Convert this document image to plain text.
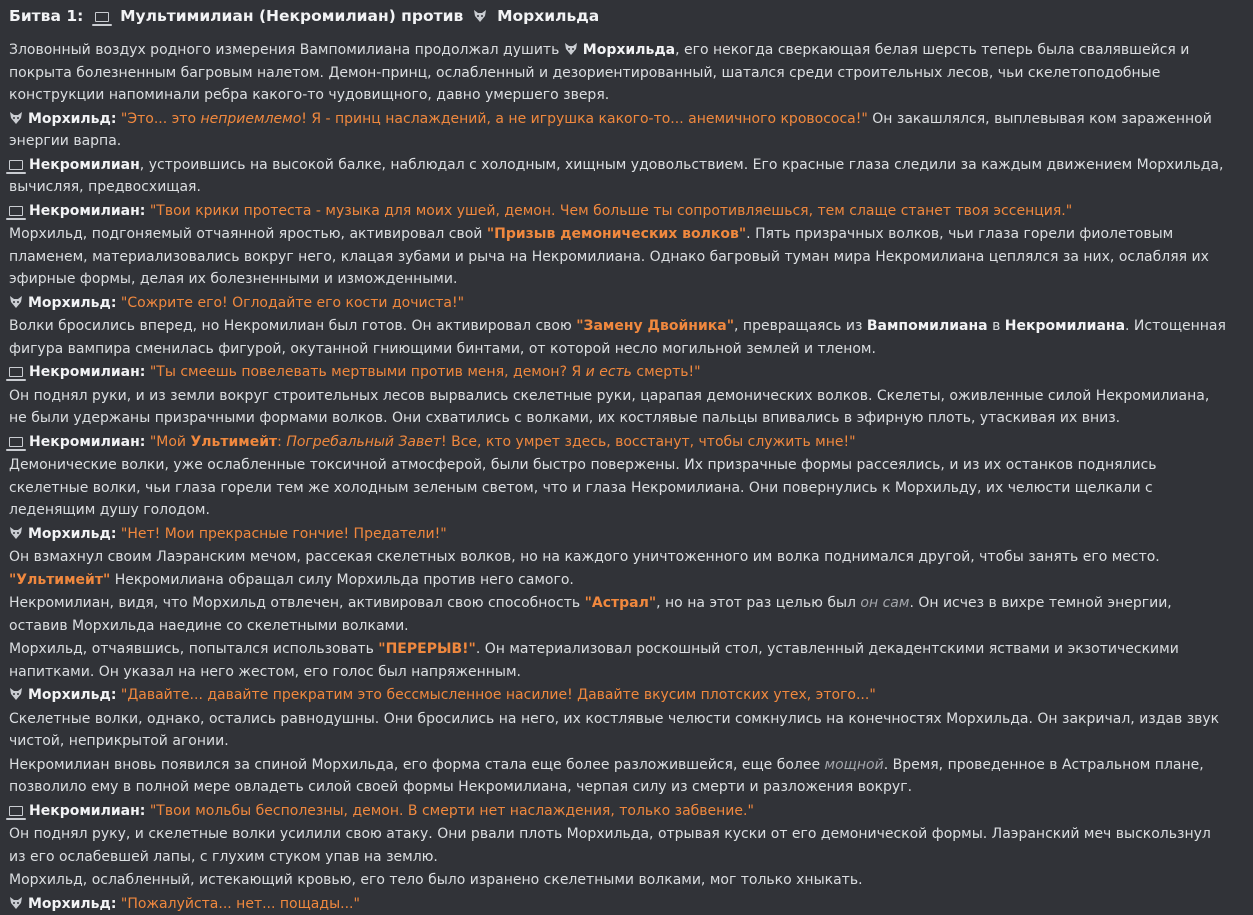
Битва 1: Мультимилиан (Некромилиан) против Морхильда
Зловонный воздух родного измерения Вампомилиана продолжал душить Морхильда, его некогда сверкающая белая шерсть теперь была свалявшейся и покрыта болезненным багровым налетом. Демон-принц, ослабленный и дезориентированный, шатался среди строительных лесов, чьи скелетоподобные конструкции напоминали ребра какого-то чудовищного, давно умершего зверя.
Морхильд: "Это... это неприемлемо! Я - принц наслаждений, а не игрушка какого-то... анемичного кровососа!" Он закашлялся, выплевывая ком зараженной энергии варпа.
Некромилиан, устроившись на высокой балке, наблюдал с холодным, хищным удовольствием. Его красные глаза следили за каждым движением Морхильда, вычисляя, предвосхищая.
Некромилиан: "Твои крики протеста - музыка для моих ушей, демон. Чем больше ты сопротивляешься, тем слаще станет твоя эссенция."
Морхильд, подгоняемый отчаянной яростью, активировал свой "Призыв демонических волков". Пять призрачных волков, чьи глаза горели фиолетовым пламенем, материализовались вокруг него, клацая зубами и рыча на Некромилиана. Однако багровый туман мира Некромилиана цеплялся за них, ослабляя их эфирные формы, делая их болезненными и изможденными.
Морхильд: "Сожрите его! Оглодайте его кости дочиста!"
Волки бросились вперед, но Некромилиан был готов. Он активировал свою "Замену Двойника", превращаясь из Вампомилиана в Некромилиана. Истощенная фигура вампира сменилась фигурой, окутанной гниющими бинтами, от которой несло могильной землей и тленом.
Некромилиан: "Ты смеешь повелевать мертвыми против меня, демон? Я и есть смерть!"
Он поднял руки, и из земли вокруг строительных лесов вырвались скелетные руки, царапая демонических волков. Скелеты, оживленные силой Некромилиана, не были удержаны призрачными формами волков. Они схватились с волками, их костлявые пальцы впивались в эфирную плоть, утаскивая их вниз.
Некромилиан: "Мой Ультимейт: Погребальный Завет! Все, кто умрет здесь, восстанут, чтобы служить мне!"
Демонические волки, уже ослабленные токсичной атмосферой, были быстро повержены. Их призрачные формы рассеялись, и из их останков поднялись скелетные волки, чьи глаза горели тем же холодным зеленым светом, что и глаза Некромилиана. Они повернулись к Морхильду, их челюсти щелкали с леденящим душу голодом.
Морхильд: "Нет! Мои прекрасные гончие! Предатели!"
Он взмахнул своим Лаэранским мечом, рассекая скелетных волков, но на каждого уничтоженного им волка поднимался другой, чтобы занять его место. "Ультимейт" Некромилиана обращал силу Морхильда против него самого.
Некромилиан, видя, что Морхильд отвлечен, активировал свою способность "Астрал", но на этот раз целью был он сам. Он исчез в вихре темной энергии, оставив Морхильда наедине со скелетными волками.
Морхильд, отчаявшись, попытался использовать "ПЕРЕРЫВ!". Он материализовал роскошный стол, уставленный декадентскими яствами и экзотическими напитками. Он указал на него жестом, его голос был напряженным.
Морхильд: "Давайте... давайте прекратим это бессмысленное насилие! Давайте вкусим плотских утех, этого..."
Скелетные волки, однако, остались равнодушны. Они бросились на него, их костлявые челюсти сомкнулись на конечностях Морхильда. Он закричал, издав звук чистой, неприкрытой агонии.
Некромилиан вновь появился за спиной Морхильда, его форма стала еще более разложившейся, еще более мощной. Время, проведенное в Астральном плане, позволило ему в полной мере овладеть силой своей формы Некромилиана, черпая силу из смерти и разложения вокруг.
Некромилиан: "Твои мольбы бесполезны, демон. В смерти нет наслаждения, только забвение."
Он поднял руку, и скелетные волки усилили свою атаку. Они рвали плоть Морхильда, отрывая куски от его демонической формы. Лаэранский меч выскользнул из его ослабевшей лапы, с глухим стуком упав на землю.
Морхильд, ослабленный, истекающий кровью, его тело было изранено скелетными волками, мог только хныкать.
Морхильд: "Пожалуйста... нет... пощады..."
